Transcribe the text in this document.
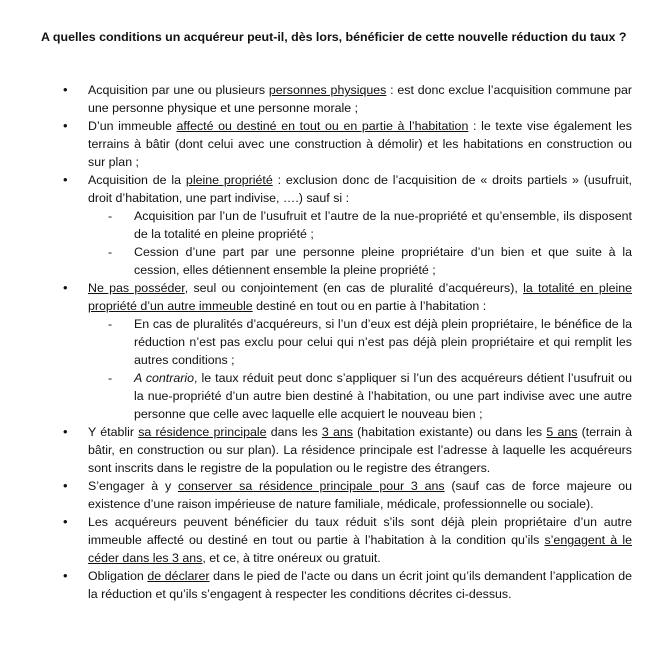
A quelles conditions un acquéreur peut-il, dès lors, bénéficier de cette nouvelle réduction du taux ?

• Acquisition par une ou plusieurs personnes physiques : est donc exclue l’acquisition commune par une personne physique et une personne morale ;
• D’un immeuble affecté ou destiné en tout ou en partie à l’habitation : le texte vise également les terrains à bâtir (dont celui avec une construction à démolir) et les habitations en construction ou sur plan ;
• Acquisition de la pleine propriété : exclusion donc de l’acquisition de « droits partiels » (usufruit, droit d’habitation, une part indivise, ….) sauf si :
- Acquisition par l’un de l’usufruit et l’autre de la nue-propriété et qu’ensemble, ils disposent de la totalité en pleine propriété ;
- Cession d’une part par une personne pleine propriétaire d’un bien et que suite à la cession, elles détiennent ensemble la pleine propriété ;
• Ne pas posséder, seul ou conjointement (en cas de pluralité d’acquéreurs), la totalité en pleine propriété d’un autre immeuble destiné en tout ou en partie à l’habitation :
- En cas de pluralités d’acquéreurs, si l’un d’eux est déjà plein propriétaire, le bénéfice de la réduction n’est pas exclu pour celui qui n’est pas déjà plein propriétaire et qui remplit les autres conditions ;
- A contrario, le taux réduit peut donc s’appliquer si l’un des acquéreurs détient l’usufruit ou la nue-propriété d’un autre bien destiné à l’habitation, ou une part indivise avec une autre personne que celle avec laquelle elle acquiert le nouveau bien ;
• Y établir sa résidence principale dans les 3 ans (habitation existante) ou dans les 5 ans (terrain à bâtir, en construction ou sur plan). La résidence principale est l’adresse à laquelle les acquéreurs sont inscrits dans le registre de la population ou le registre des étrangers.
• S’engager à y conserver sa résidence principale pour 3 ans (sauf cas de force majeure ou existence d’une raison impérieuse de nature familiale, médicale, professionnelle ou sociale).
• Les acquéreurs peuvent bénéficier du taux réduit s’ils sont déjà plein propriétaire d’un autre immeuble affecté ou destiné en tout ou partie à l’habitation à la condition qu’ils s’engagent à le céder dans les 3 ans, et ce, à titre onéreux ou gratuit.
• Obligation de déclarer dans le pied de l’acte ou dans un écrit joint qu’ils demandent l’application de la réduction et qu’ils s’engagent à respecter les conditions décrites ci-dessus.
